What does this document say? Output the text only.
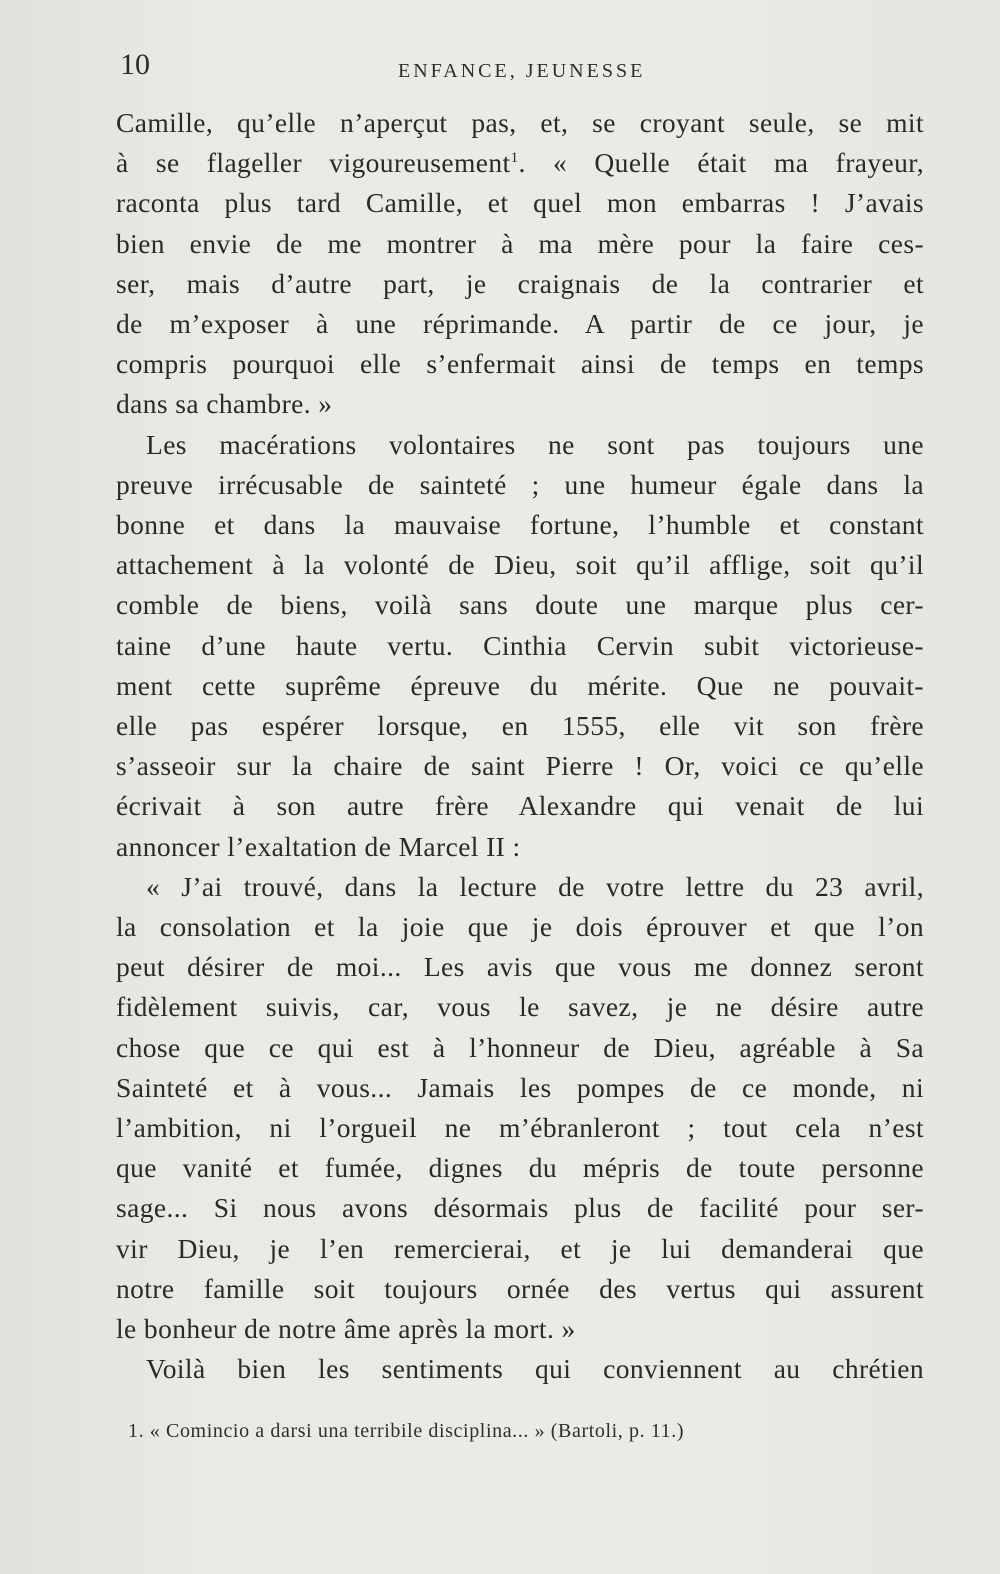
10	ENFANCE, JEUNESSE
Camille, qu’elle n’aperçut pas, et, se croyant seule, se mit
à se flageller vigoureusement$^1$. « Quelle était ma frayeur,
raconta plus tard Camille, et quel mon embarras ! J’avais
bien envie de me montrer à ma mère pour la faire ces-
ser, mais d’autre part, je craignais de la contrarier et
de m’exposer à une réprimande. A partir de ce jour, je
compris pourquoi elle s’enfermait ainsi de temps en temps
dans sa chambre. »
Les macérations volontaires ne sont pas toujours une
preuve irrécusable de sainteté ; une humeur égale dans la
bonne et dans la mauvaise fortune, l’humble et constant
attachement à la volonté de Dieu, soit qu’il afflige, soit qu’il
comble de biens, voilà sans doute une marque plus cer-
taine d’une haute vertu. Cinthia Cervin subit victorieuse-
ment cette suprême épreuve du mérite. Que ne pouvait-
elle pas espérer lorsque, en 1555, elle vit son frère
s’asseoir sur la chaire de saint Pierre ! Or, voici ce qu’elle
écrivait à son autre frère Alexandre qui venait de lui
annoncer l’exaltation de Marcel II :
« J’ai trouvé, dans la lecture de votre lettre du 23 avril,
la consolation et la joie que je dois éprouver et que l’on
peut désirer de moi... Les avis que vous me donnez seront
fidèlement suivis, car, vous le savez, je ne désire autre
chose que ce qui est à l’honneur de Dieu, agréable à Sa
Sainteté et à vous... Jamais les pompes de ce monde, ni
l’ambition, ni l’orgueil ne m’ébranleront ; tout cela n’est
que vanité et fumée, dignes du mépris de toute personne
sage... Si nous avons désormais plus de facilité pour ser-
vir Dieu, je l’en remercierai, et je lui demanderai que
notre famille soit toujours ornée des vertus qui assurent
le bonheur de notre âme après la mort. »
Voilà bien les sentiments qui conviennent au chrétien
1. « Comincio a darsi una terribile disciplina... » (Bartoli, p. 11.)
